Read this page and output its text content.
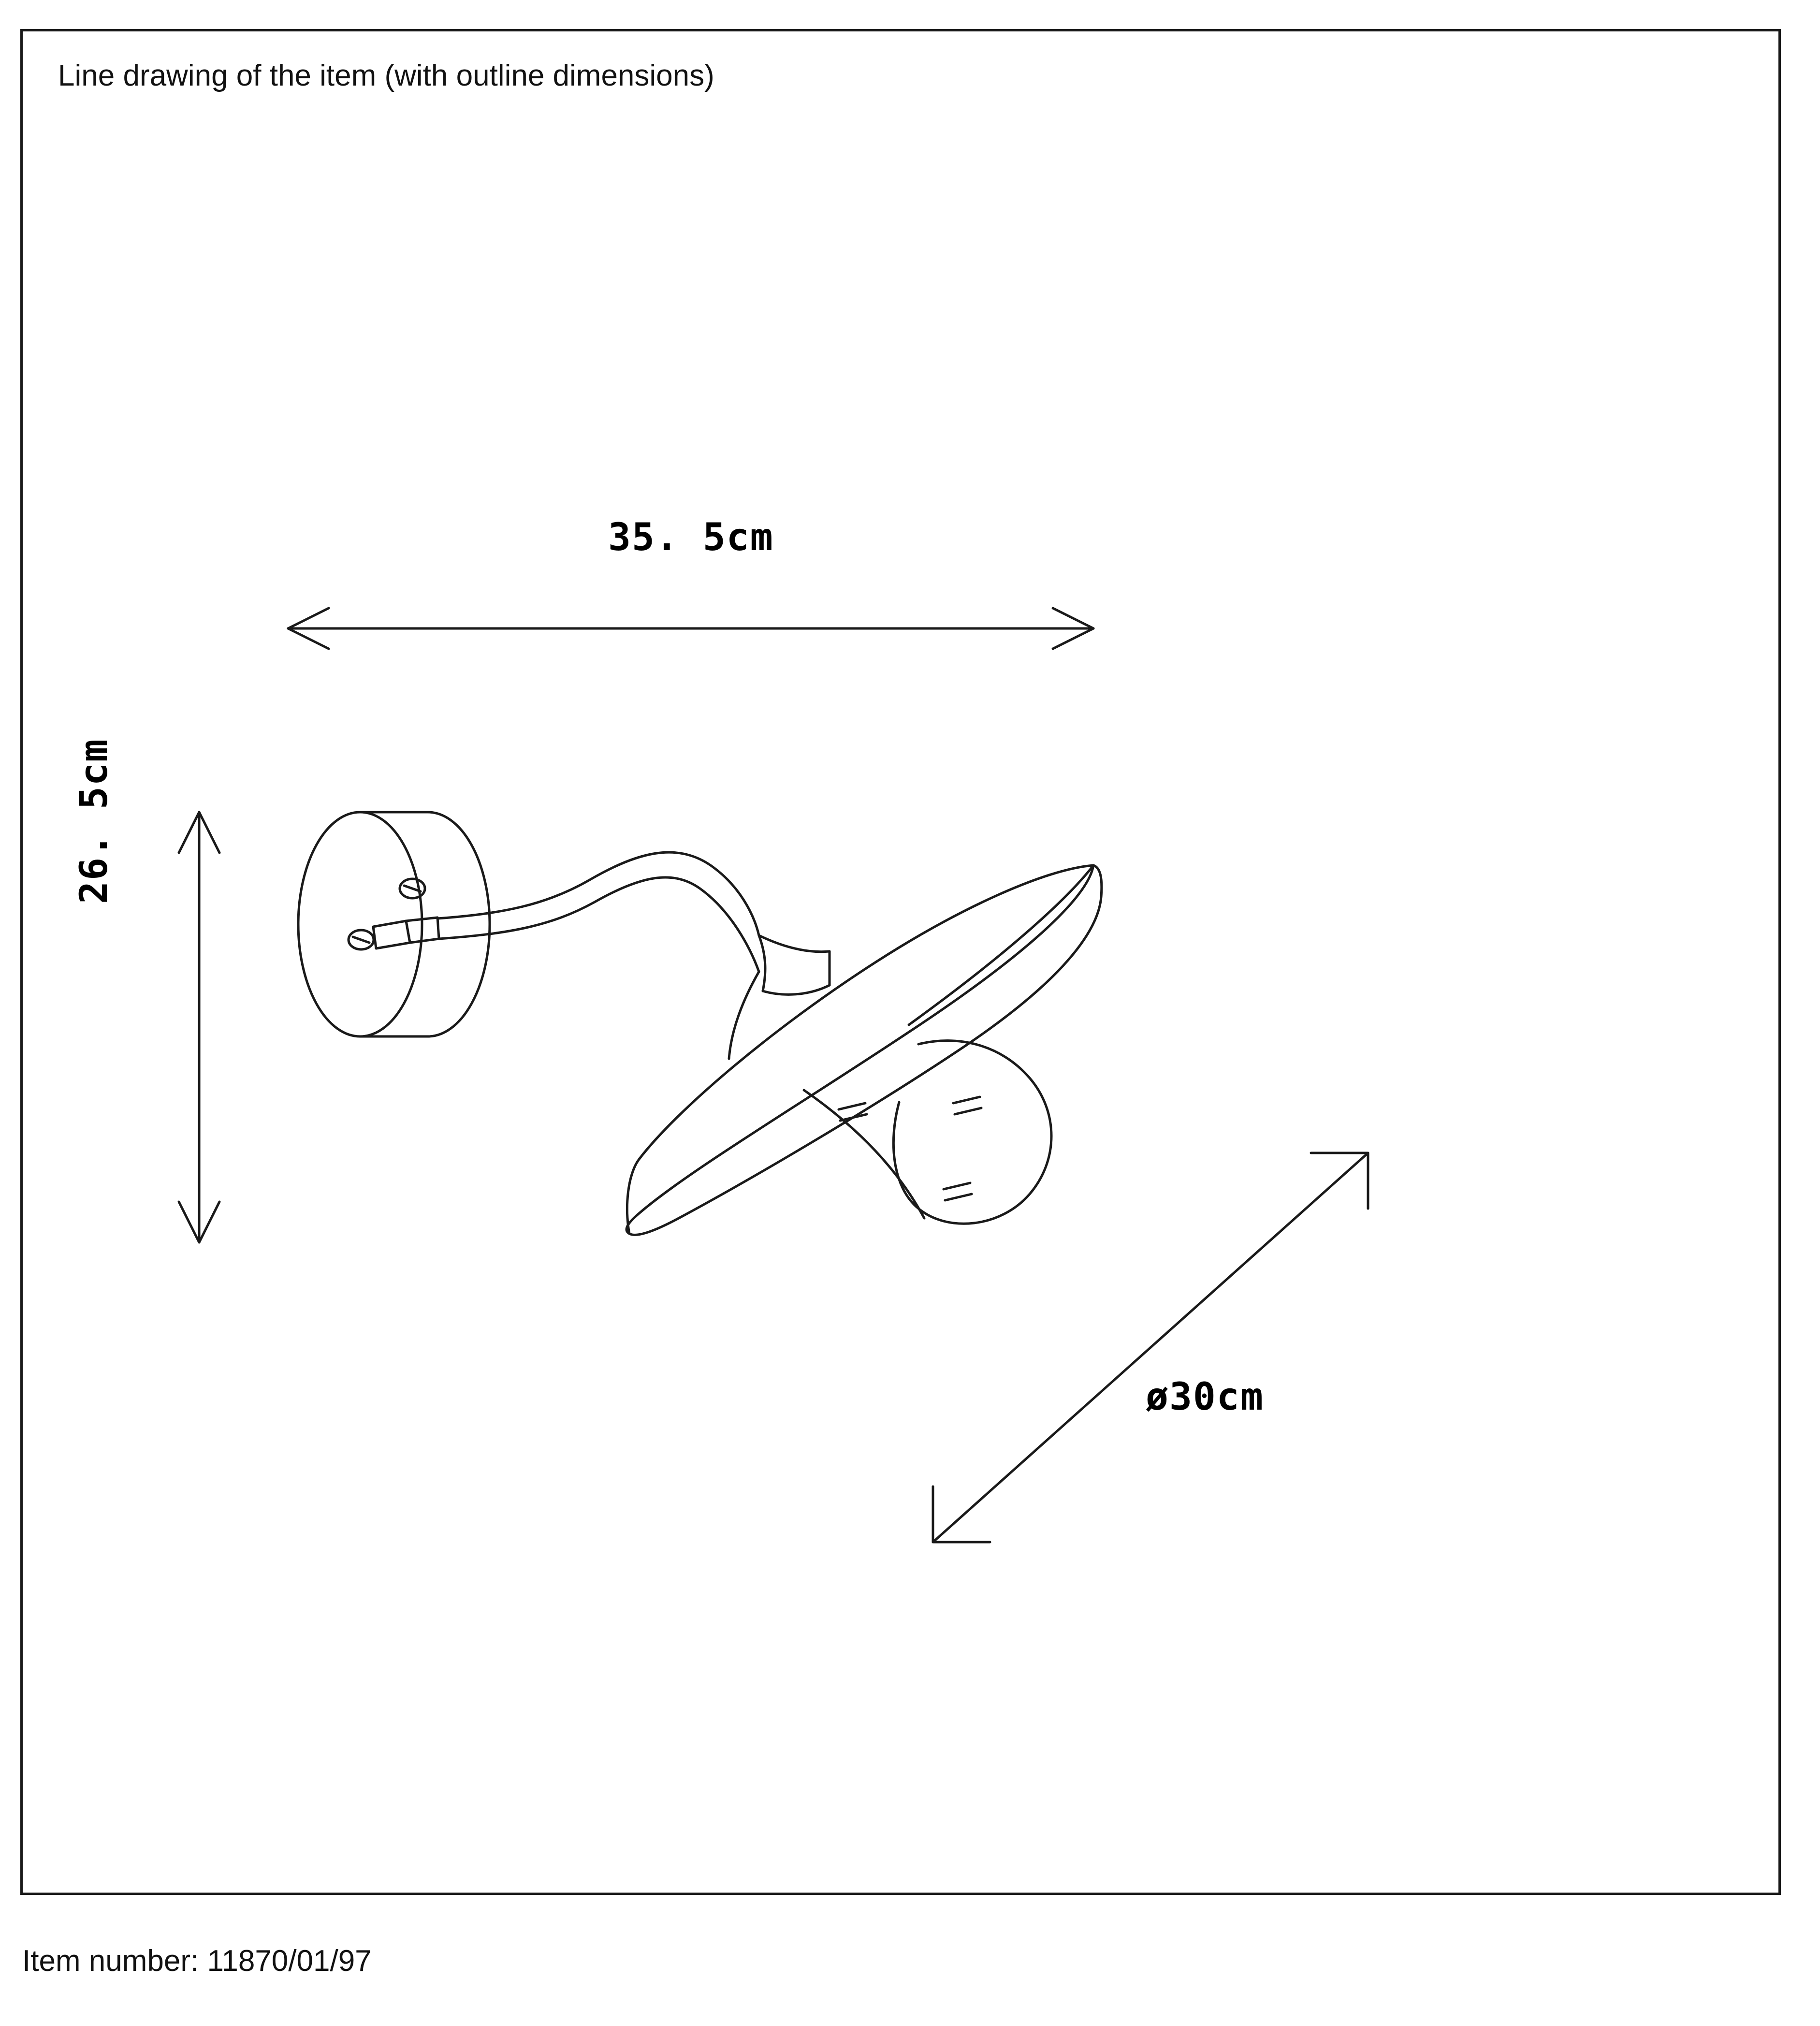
Line drawing of the item (with outline dimensions)
35. 5cm
26. 5cm
ø30cm
Item number: 11870/01/97
